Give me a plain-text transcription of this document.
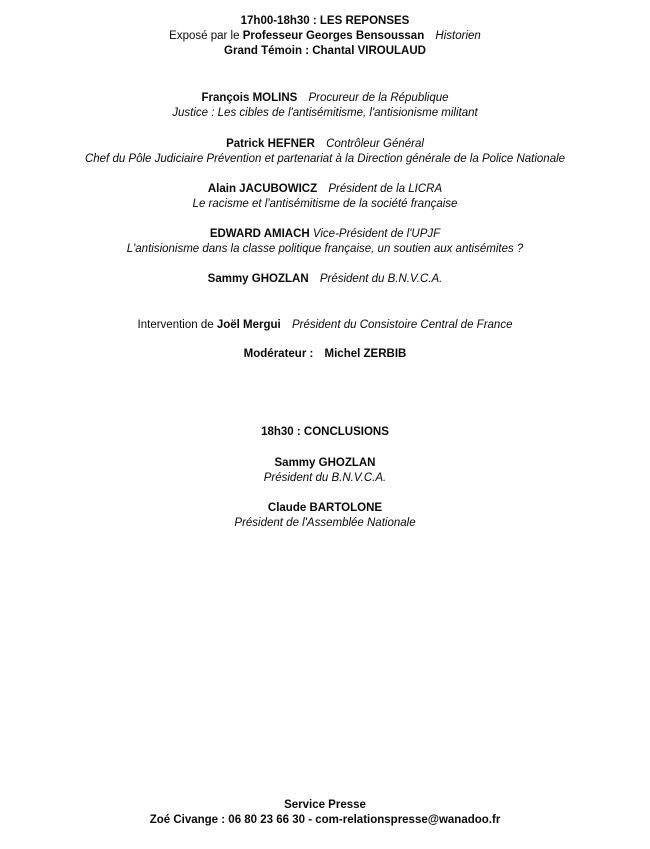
17h00-18h30 : LES REPONSES
Exposé par le Professeur Georges Bensoussan Historien
Grand Témoin : Chantal VIROULAUD
François MOLINS Procureur de la République
Justice : Les cibles de l'antisémitisme, l'antisionisme militant
Patrick HEFNER Contrôleur Général
Chef du Pôle Judiciaire Prévention et partenariat à la Direction générale de la Police Nationale
Alain JACUBOWICZ Président de la LICRA
Le racisme et l'antisémitisme de la société française
EDWARD AMIACH Vice-Président de l'UPJF
L'antisionisme dans la classe politique française, un soutien aux antisémites ?
Sammy GHOZLAN Président du B.N.V.C.A.
Intervention de Joël Mergui Président du Consistoire Central de France
Modérateur : Michel ZERBIB
18h30 : CONCLUSIONS
Sammy GHOZLAN
Président du B.N.V.C.A.
Claude BARTOLONE
Président de l'Assemblée Nationale
Service Presse
Zoé Civange : 06 80 23 66 30 - com-relationspresse@wanadoo.fr
